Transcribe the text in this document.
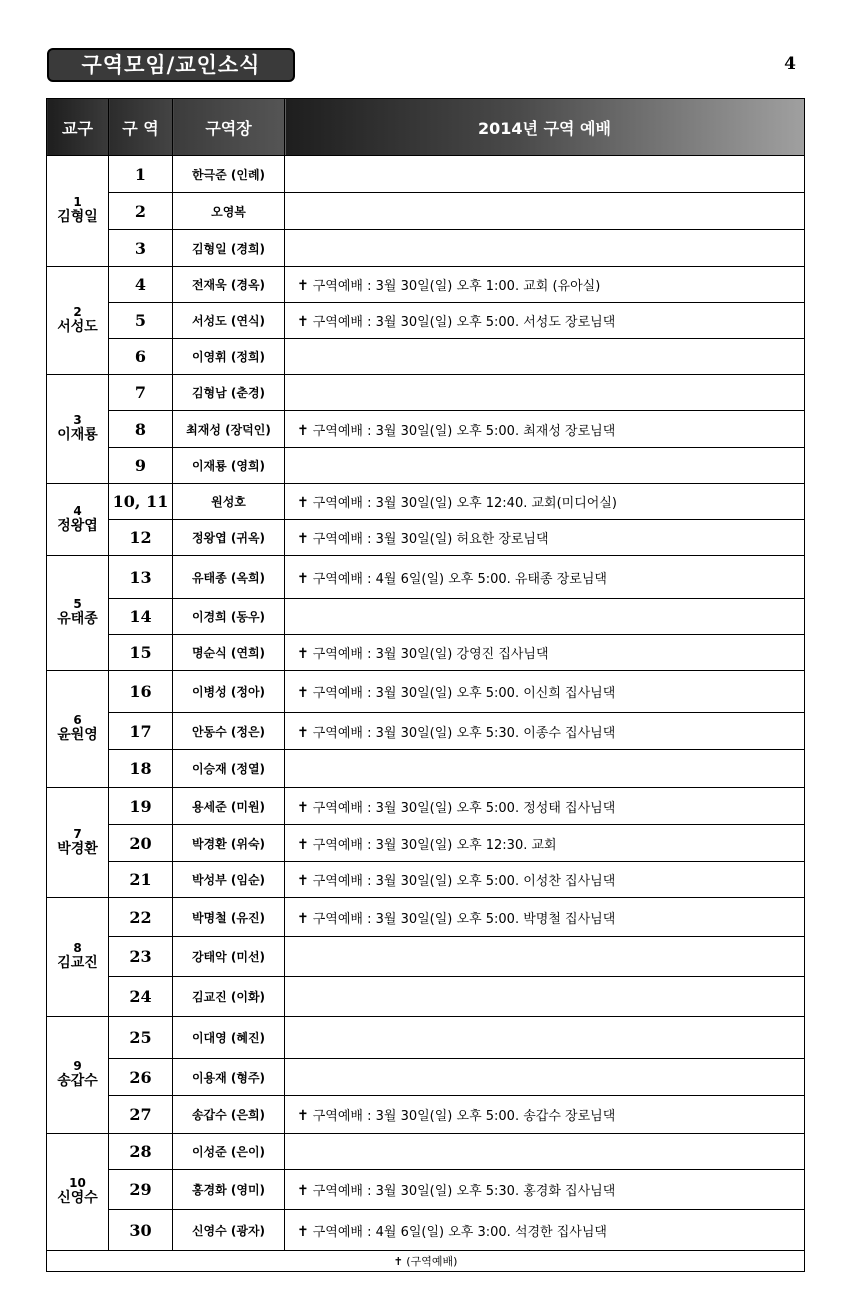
구역모임/교인소식	4
교구	구 역	구역장	2014년 구역 예배

1
김형일	1	한극준 (인례)	
	2	오영복	
	3	김형일 (경희)	

2
서성도	4	전재욱 (경옥)	✝ 구역예배 : 3월 30일(일) 오후 1:00. 교회 (유아실)
	5	서성도 (연식)	✝ 구역예배 : 3월 30일(일) 오후 5:00. 서성도 장로님댁
	6	이영휘 (정희)	

3
이재룡	7	김형남 (춘경)	
	8	최재성 (장덕인)	✝ 구역예배 : 3월 30일(일) 오후 5:00. 최재성 장로님댁
	9	이재룡 (영희)	

4
정왕엽	10, 11	원성호	✝ 구역예배 : 3월 30일(일) 오후 12:40. 교회(미디어실)
	12	정왕엽 (귀옥)	✝ 구역예배 : 3월 30일(일) 허요한 장로님댁

5
유태종	13	유태종 (옥희)	✝ 구역예배 : 4월 6일(일) 오후 5:00. 유태종 장로님댁
	14	이경희 (동우)	
	15	명순식 (연희)	✝ 구역예배 : 3월 30일(일) 강영진 집사님댁

6
윤원영	16	이병성 (정아)	✝ 구역예배 : 3월 30일(일) 오후 5:00. 이신희 집사님댁
	17	안동수 (정은)	✝ 구역예배 : 3월 30일(일) 오후 5:30. 이종수 집사님댁
	18	이승재 (정열)	

7
박경환	19	용세준 (미원)	✝ 구역예배 : 3월 30일(일) 오후 5:00. 정성태 집사님댁
	20	박경환 (위숙)	✝ 구역예배 : 3월 30일(일) 오후 12:30. 교회
	21	박성부 (임순)	✝ 구역예배 : 3월 30일(일) 오후 5:00. 이성찬 집사님댁

8
김교진	22	박명철 (유진)	✝ 구역예배 : 3월 30일(일) 오후 5:00. 박명철 집사님댁
	23	강태악 (미선)	
	24	김교진 (이화)	

9
송갑수	25	이대영 (혜진)	
	26	이용재 (형주)	
	27	송갑수 (은희)	✝ 구역예배 : 3월 30일(일) 오후 5:00. 송갑수 장로님댁

10
신영수	28	이성준 (은이)	
	29	홍경화 (영미)	✝ 구역예배 : 3월 30일(일) 오후 5:30. 홍경화 집사님댁
	30	신영수 (광자)	✝ 구역예배 : 4월 6일(일) 오후 3:00. 석경한 집사님댁
✝ (구역예배)			
